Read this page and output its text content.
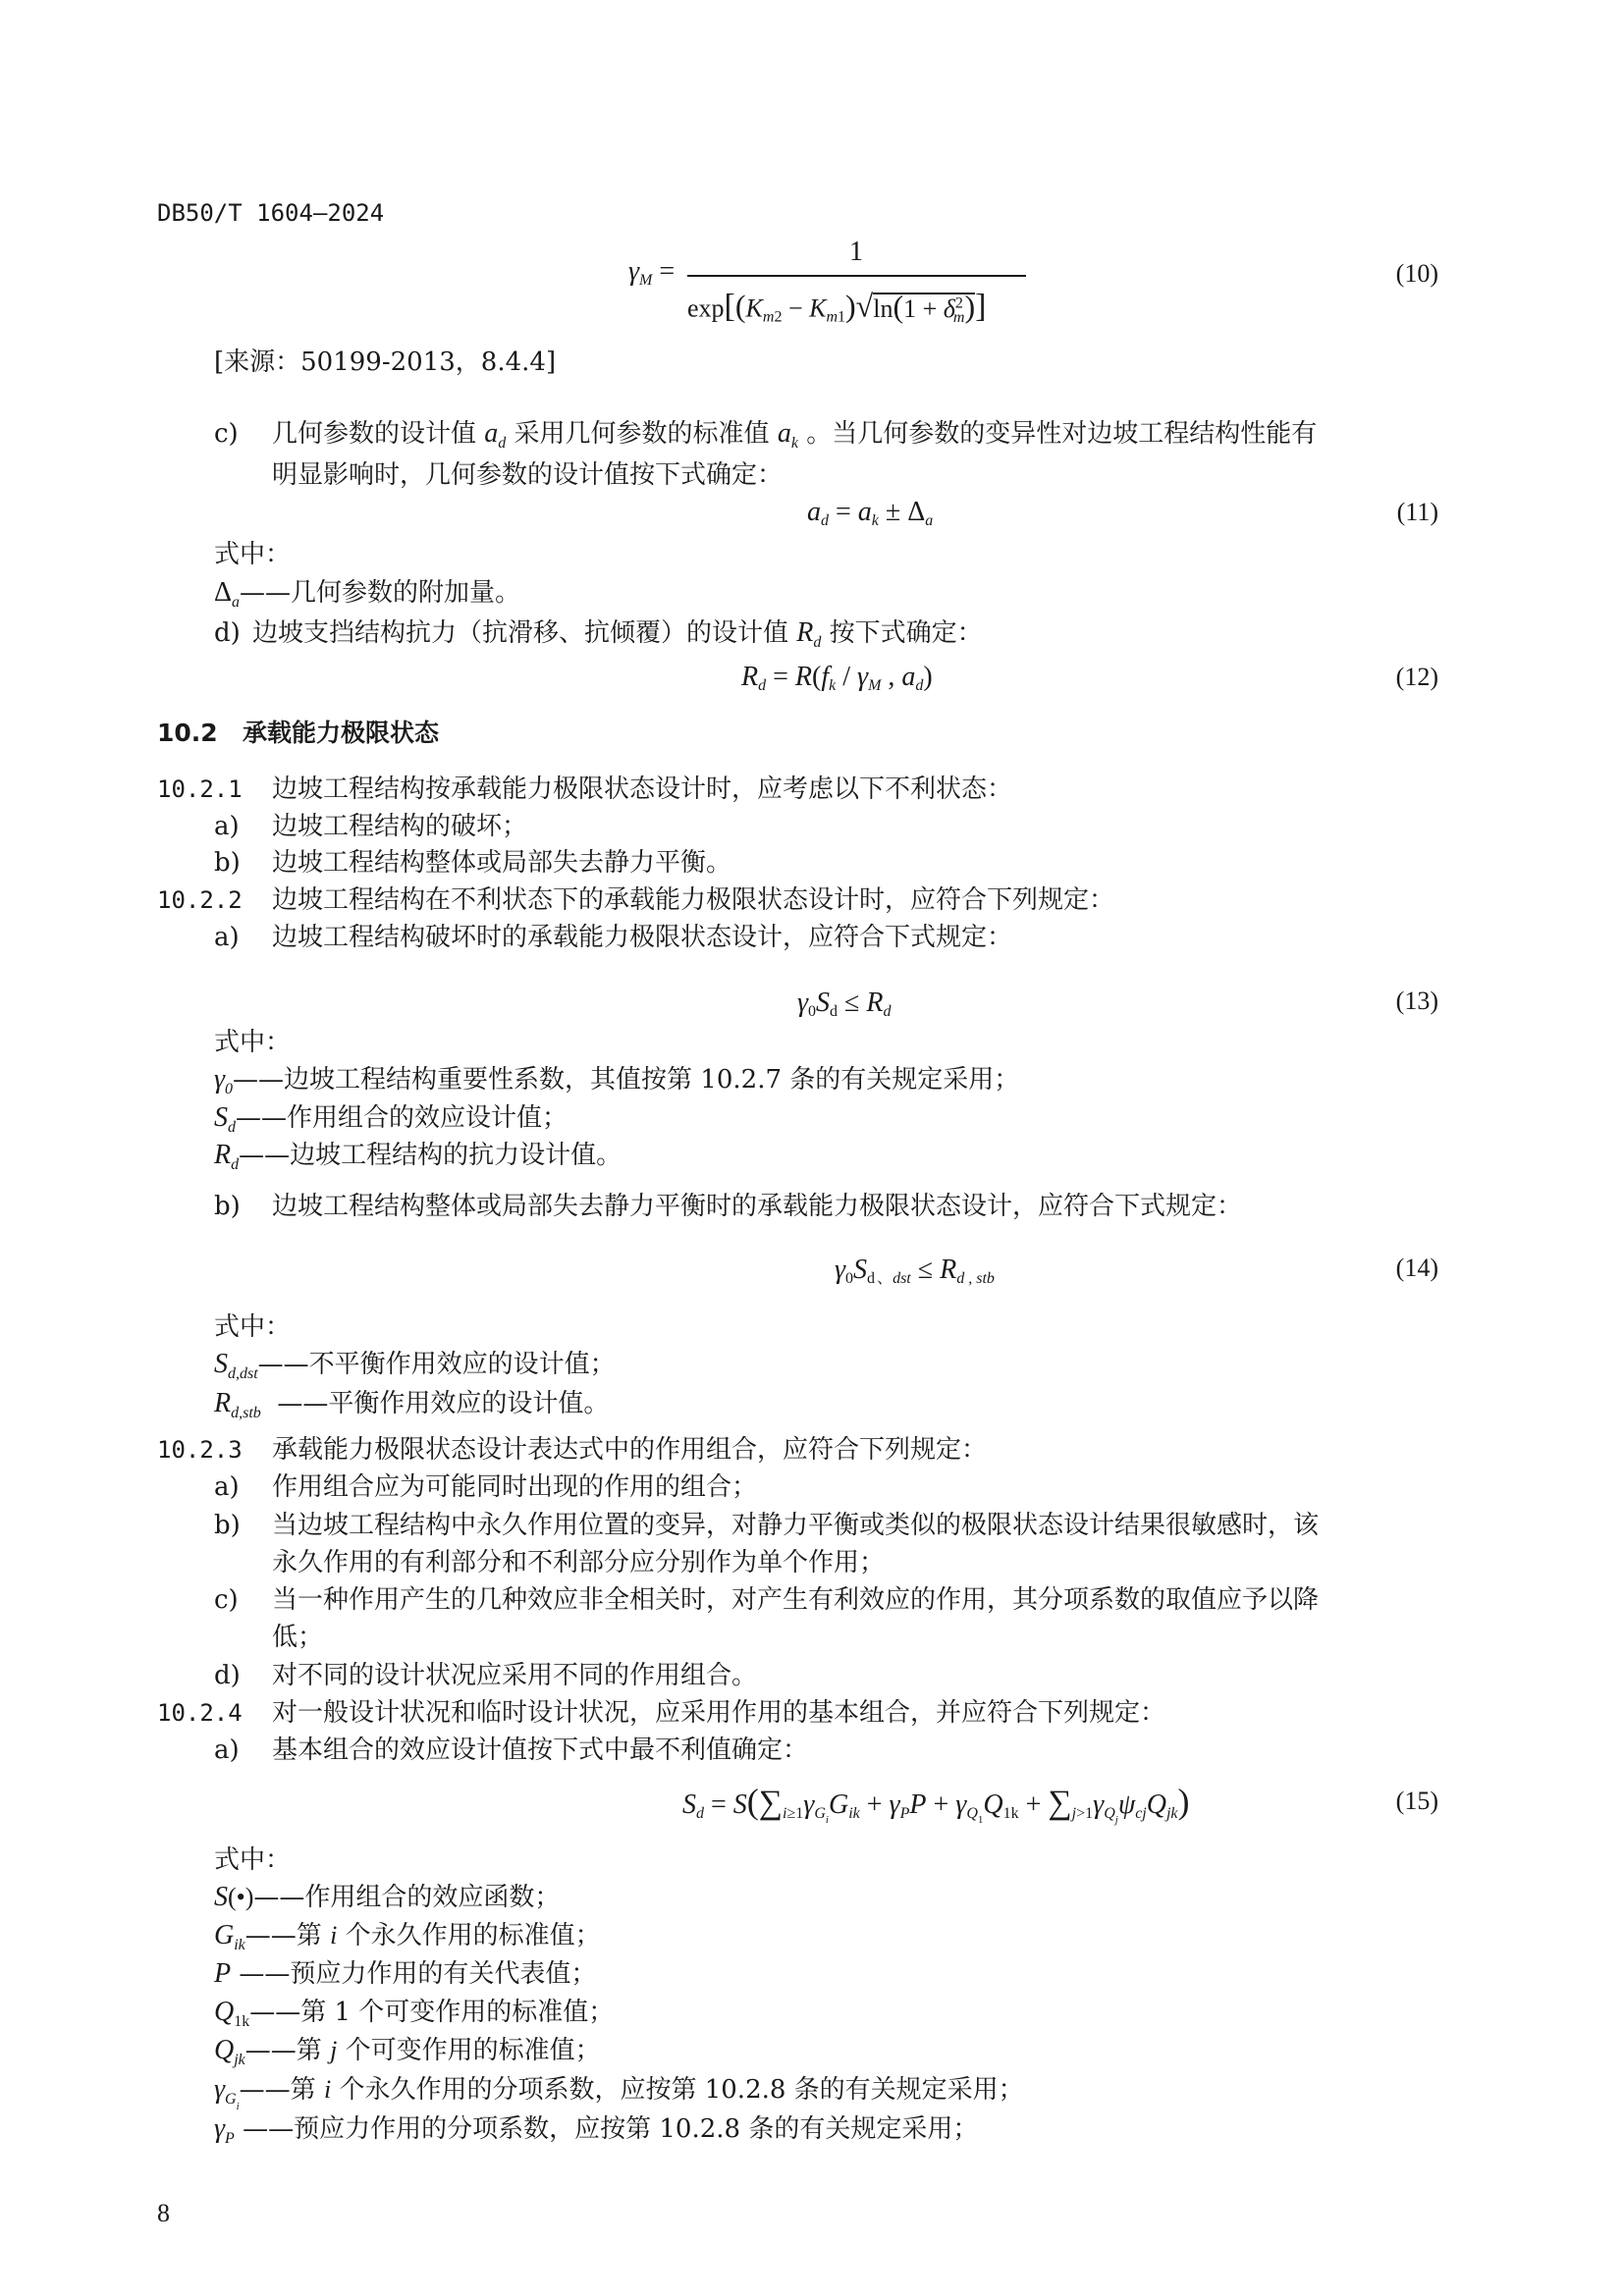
DB50/T 1604—2024
$\gamma_M$ =
1
$\exp[(K_{m2} - K_{m1})√\ln(1 + \delta^2_m)]$
(10)
[来源：50199-2013，8.4.4]
c) 几何参数的设计值 $a_d$ 采用几何参数的标准值 $a_k$ 。当几何参数的变异性对边坡工程结构性能有
明显影响时，几何参数的设计值按下式确定：
$a_d = a_k \pm \Delta_a$	(11)
式中：
$\Delta_a——$几何参数的附加量。
d) 边坡支挡结构抗力（抗滑移、抗倾覆）的设计值 $R_d$ 按下式确定：
$R_d = R(f_k / \gamma_M$ , $a_d$)	(12)
10.2 承载能力极限状态
10.2.1 边坡工程结构按承载能力极限状态设计时，应考虑以下不利状态：
a) 边坡工程结构的破坏；
b) 边坡工程结构整体或局部失去静力平衡。
10.2.2 边坡工程结构在不利状态下的承载能力极限状态设计时，应符合下列规定：
a) 边坡工程结构破坏时的承载能力极限状态设计，应符合下式规定：
$\gamma_0S_d \le R_d$	(13)
式中：
$\gamma_0——$边坡工程结构重要性系数，其值按第 10.2.7 条的有关规定采用；
$S_d——$作用组合的效应设计值；
$R_d——$边坡工程结构的抗力设计值。
b) 边坡工程结构整体或局部失去静力平衡时的承载能力极限状态设计，应符合下式规定：
$\gamma_0S_d$ $_{、dst} \le R_{d , stb}$	(14)
式中：
$S_{d,dst}——$不平衡作用效应的设计值；
$R_{d,stb}$ ——平衡作用效应的设计值。
10.2.3 承载能力极限状态设计表达式中的作用组合，应符合下列规定：
a) 作用组合应为可能同时出现的作用的组合；
b) 当边坡工程结构中永久作用位置的变异，对静力平衡或类似的极限状态设计结果很敏感时，该
永久作用的有利部分和不利部分应分别作为单个作用；
c) 当一种作用产生的几种效应非全相关时，对产生有利效应的作用，其分项系数的取值应予以降
低；
d) 对不同的设计状况应采用不同的作用组合。
10.2.4 对一般设计状况和临时设计状况，应采用作用的基本组合，并应符合下列规定：
a) 基本组合的效应设计值按下式中最不利值确定：
$S_d = S(\sum_{i\ge 1}\gamma_{G_i}G_{ik} + \gamma_PP + \gamma_{Q_1}Q_{1k} + \sum_{j>1}\gamma_{Q_j}\psi_{cj}Q_{jk})$	(15)
式中：
S(•)——作用组合的效应函数；
$G_{ik}——$第 i 个永久作用的标准值；
P ——预应力作用的有关代表值；
$Q_{1k}——$第 1 个可变作用的标准值；
$Q_{jk}——$第 j 个可变作用的标准值；
$\gamma_{G_i}——$第 i 个永久作用的分项系数，应按第 10.2.8 条的有关规定采用；
$\gamma_P$ ——预应力作用的分项系数，应按第 10.2.8 条的有关规定采用；
8
